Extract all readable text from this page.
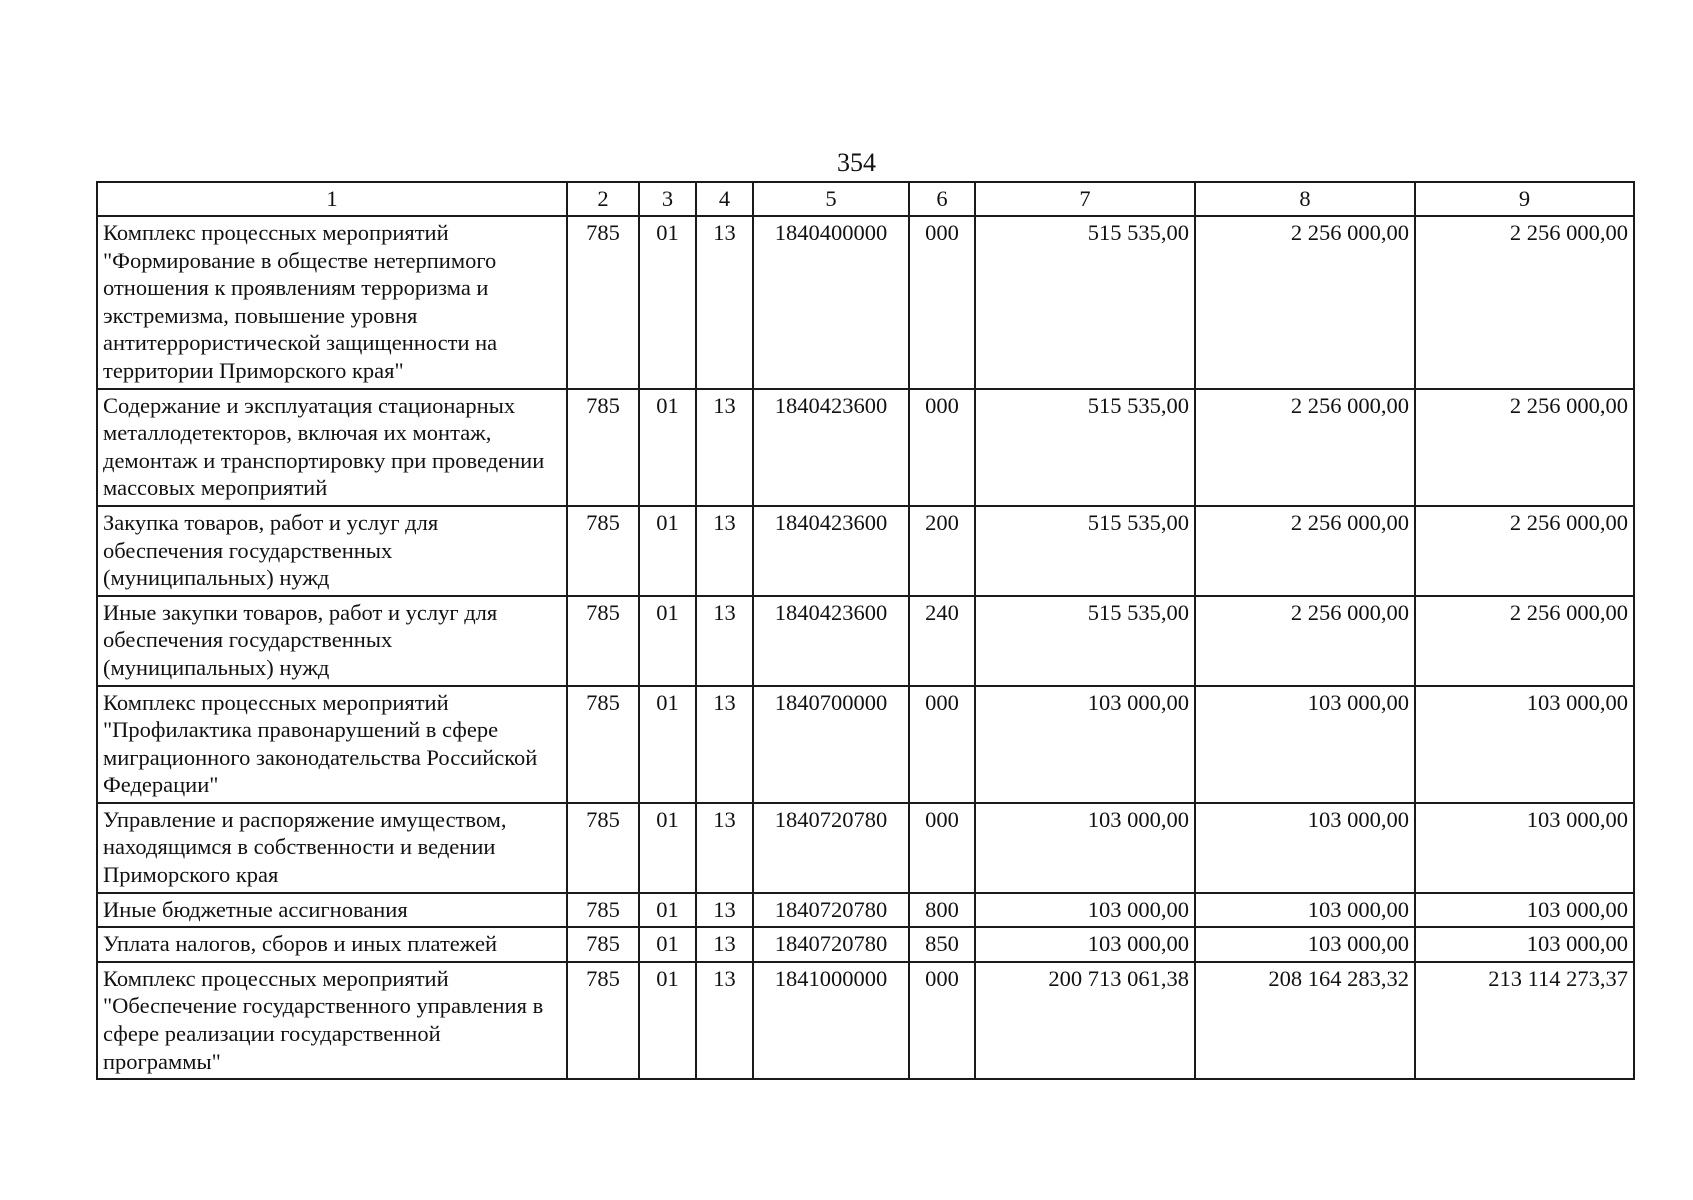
354
1	2	3	4	5	6	7	8	9
Комплекс процессных мероприятий "Формирование в обществе нетерпимого отношения к проявлениям терроризма и экстремизма, повышение уровня антитеррористической защищенности на территории Приморского края"	785	01	13	1840400000	000	515 535,00	2 256 000,00	2 256 000,00
Содержание и эксплуатация стационарных металлодетекторов, включая их монтаж, демонтаж и транспортировку при проведении массовых мероприятий	785	01	13	1840423600	000	515 535,00	2 256 000,00	2 256 000,00
Закупка товаров, работ и услуг для обеспечения государственных (муниципальных) нужд	785	01	13	1840423600	200	515 535,00	2 256 000,00	2 256 000,00
Иные закупки товаров, работ и услуг для обеспечения государственных (муниципальных) нужд	785	01	13	1840423600	240	515 535,00	2 256 000,00	2 256 000,00
Комплекс процессных мероприятий "Профилактика правонарушений в сфере миграционного законодательства Российской Федерации"	785	01	13	1840700000	000	103 000,00	103 000,00	103 000,00
Управление и распоряжение имуществом, находящимся в собственности и ведении Приморского края	785	01	13	1840720780	000	103 000,00	103 000,00	103 000,00
Иные бюджетные ассигнования	785	01	13	1840720780	800	103 000,00	103 000,00	103 000,00
Уплата налогов, сборов и иных платежей	785	01	13	1840720780	850	103 000,00	103 000,00	103 000,00
Комплекс процессных мероприятий "Обеспечение государственного управления в сфере реализации государственной программы"	785	01	13	1841000000	000	200 713 061,38	208 164 283,32	213 114 273,37
